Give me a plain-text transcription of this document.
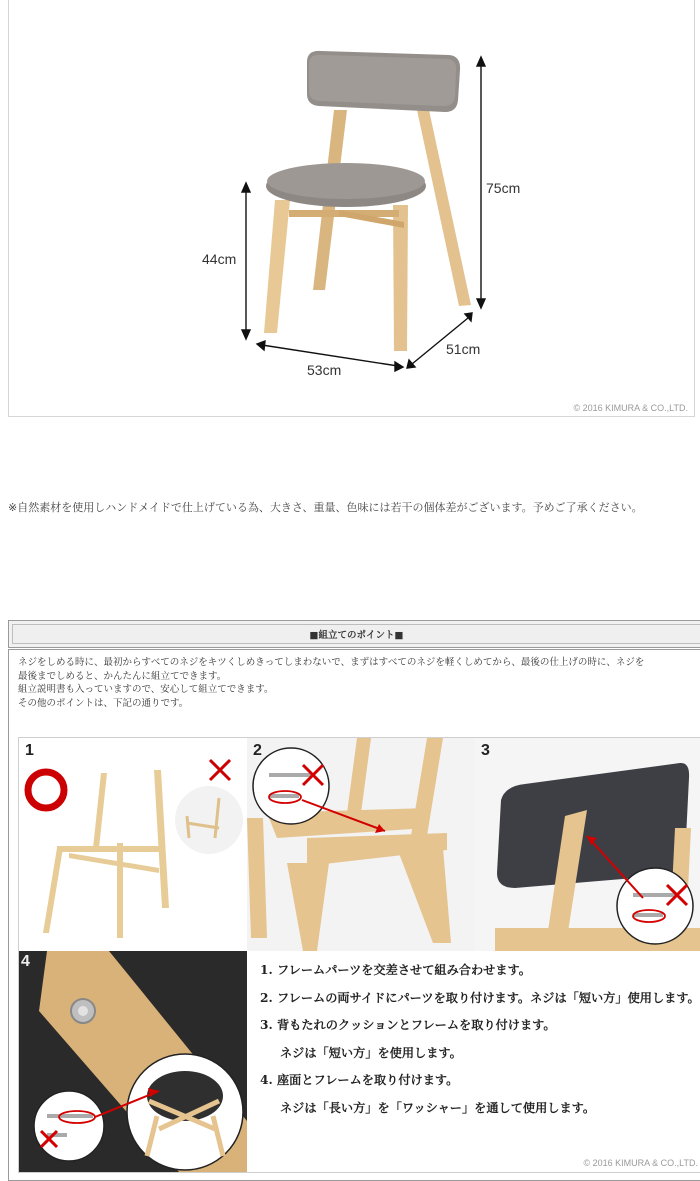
75cm
44cm
53cm
51cm
© 2016 KIMURA & CO.,LTD.
※自然素材を使用しハンドメイドで仕上げている為、大きさ、重量、色味には若干の個体差がございます。予めご了承ください。
■組立てのポイント■
ネジをしめる時に、最初からすべてのネジをキツくしめきってしまわないで、まずはすべてのネジを軽くしめてから、最後の仕上げの時に、ネジを
最後までしめると、かんたんに組立てできます。
組立説明書も入っていますので、安心して組立てできます。
その他のポイントは、下記の通りです。
1	2	3
4	1. フレームパーツを交差させて組み合わせます。
2. フレームの両サイドにパーツを取り付けます。ネジは「短い方」使用します。
3. 背もたれのクッションとフレームを取り付けます。
ネジは「短い方」を使用します。
4. 座面とフレームを取り付けます。
ネジは「長い方」を「ワッシャー」を通して使用します。
© 2016 KIMURA & CO.,LTD.
